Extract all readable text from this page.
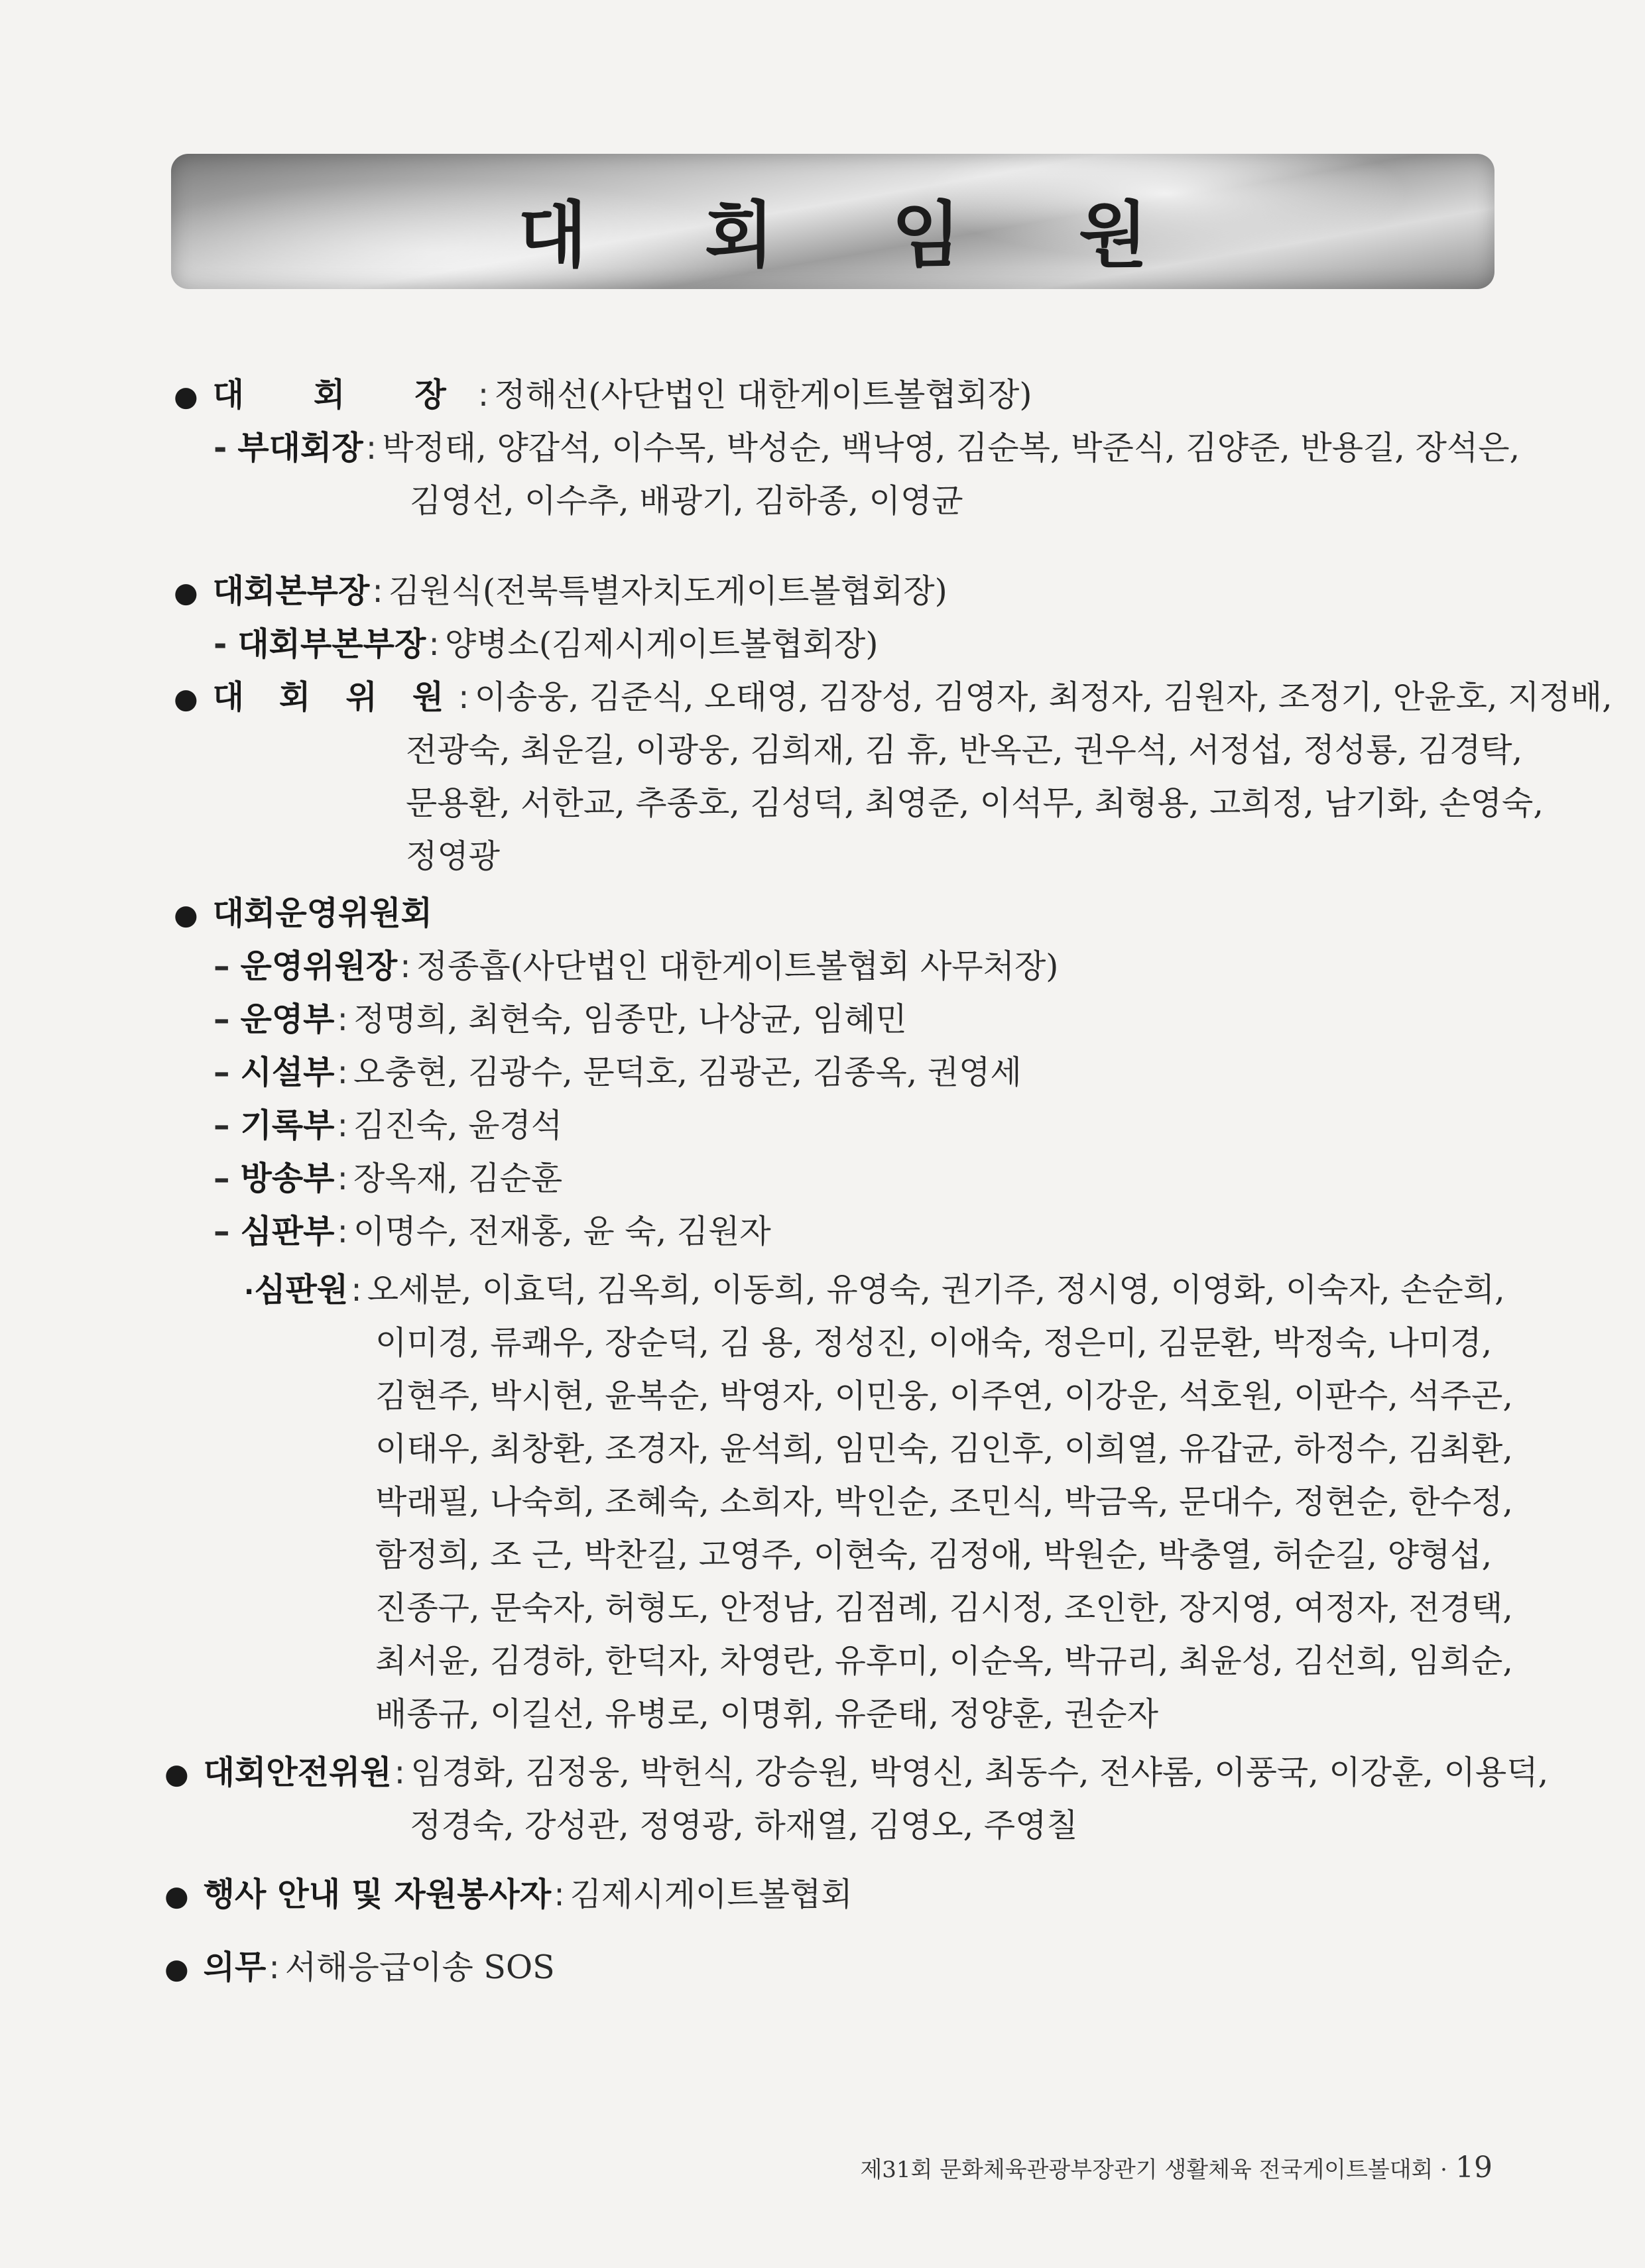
대 회 임 원
● 대 회 장: 정해선(사단법인 대한게이트볼협회장)
- 부대회장: 박정태, 양갑석, 이수목, 박성순, 백낙영, 김순복, 박준식, 김양준, 반용길, 장석은,
김영선, 이수추, 배광기, 김하종, 이영균
● 대회본부장: 김원식(전북특별자치도게이트볼협회장)
- 대회부본부장: 양병소(김제시게이트볼협회장)
● 대 회 위 원: 이송웅, 김준식, 오태영, 김장성, 김영자, 최정자, 김원자, 조정기, 안윤호, 지정배,
전광숙, 최운길, 이광웅, 김희재, 김 휴, 반옥곤, 권우석, 서정섭, 정성룡, 김경탁,
문용환, 서한교, 추종호, 김성덕, 최영준, 이석무, 최형용, 고희정, 남기화, 손영숙,
정영광
● 대회운영위원회
– 운영위원장: 정종흡(사단법인 대한게이트볼협회 사무처장)
– 운영부: 정명희, 최현숙, 임종만, 나상균, 임혜민
– 시설부: 오충현, 김광수, 문덕호, 김광곤, 김종옥, 권영세
– 기록부: 김진숙, 윤경석
– 방송부: 장옥재, 김순훈
– 심판부: 이명수, 전재홍, 윤 숙, 김원자
·심판원: 오세분, 이효덕, 김옥희, 이동희, 유영숙, 권기주, 정시영, 이영화, 이숙자, 손순희,
이미경, 류쾌우, 장순덕, 김 용, 정성진, 이애숙, 정은미, 김문환, 박정숙, 나미경,
김현주, 박시현, 윤복순, 박영자, 이민웅, 이주연, 이강운, 석호원, 이판수, 석주곤,
이태우, 최창환, 조경자, 윤석희, 임민숙, 김인후, 이희열, 유갑균, 하정수, 김최환,
박래필, 나숙희, 조혜숙, 소희자, 박인순, 조민식, 박금옥, 문대수, 정현순, 한수정,
함정희, 조 근, 박찬길, 고영주, 이현숙, 김정애, 박원순, 박충열, 허순길, 양형섭,
진종구, 문숙자, 허형도, 안정남, 김점례, 김시정, 조인한, 장지영, 여정자, 전경택,
최서윤, 김경하, 한덕자, 차영란, 유후미, 이순옥, 박규리, 최윤성, 김선희, 임희순,
배종규, 이길선, 유병로, 이명휘, 유준태, 정양훈, 권순자
● 대회안전위원: 임경화, 김정웅, 박헌식, 강승원, 박영신, 최동수, 전샤롬, 이풍국, 이강훈, 이용덕,
정경숙, 강성관, 정영광, 하재열, 김영오, 주영칠
● 행사 안내 및 자원봉사자: 김제시게이트볼협회
● 의무: 서해응급이송 SOS
제31회 문화체육관광부장관기 생활체육 전국게이트볼대회 · 19
